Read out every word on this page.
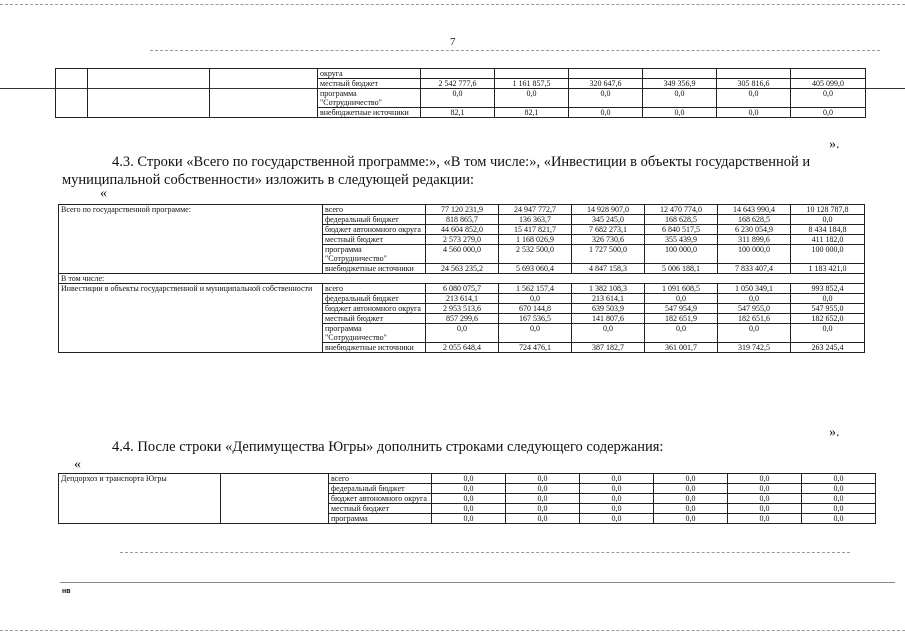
7
			округа						
			местный бюджет	2 542 777,6	1 161 857,5	320 647,6	349 356,9	305 816,6	405 099,0
			программа "Сотрудничество"	0,0	0,0	0,0	0,0	0,0	0,0
			внебюджетные источники	82,1	82,1	0,0	0,0	0,0	0,0
».
4.3. Строки «Всего по государственной программе:», «В том числе:», «Инвестиции в объекты государственной и муниципальной собственности» изложить в следующей редакции:
«
Всего по государственной программе:	всего	77 120 231,9	24 947 772,7	14 928 907,0	12 470 774,0	14 643 990,4	10 128 787,8
	федеральный бюджет	818 865,7	136 363,7	345 245,0	168 628,5	168 628,5	0,0
	бюджет автономного округа	44 604 852,0	15 417 821,7	7 682 273,1	6 840 517,5	6 230 054,9	8 434 184,8
	местный бюджет	2 573 279,0	1 168 026,9	326 730,6	355 439,9	311 899,6	411 182,0
	программа "Сотрудничество"	4 560 000,0	2 532 500,0	1 727 500,0	100 000,0	100 000,0	100 000,0
	внебюджетные источники	24 563 235,2	5 693 060,4	4 847 158,3	5 006 188,1	7 833 407,4	1 183 421,0
В том числе:							
Инвестиции в объекты государственной и муниципальной собственности	всего	6 080 075,7	1 562 157,4	1 382 108,3	1 091 608,5	1 050 349,1	993 852,4
	федеральный бюджет	213 614,1	0,0	213 614,1	0,0	0,0	0,0
	бюджет автономного округа	2 953 513,6	670 144,8	639 503,9	547 954,9	547 955,0	547 955,0
	местный бюджет	857 299,6	167 536,5	141 807,6	182 651,9	182 651,6	182 652,0
	программа "Сотрудничество"	0,0	0,0	0,0	0,0	0,0	0,0
	внебюджетные источники	2 055 648,4	724 476,1	387 182,7	361 001,7	319 742,5	263 245,4
».
4.4. После строки «Депимущества Югры» дополнить строками следующего содержания:
«
Депдорхоз и транспорта Югры		всего	0,0	0,0	0,0	0,0	0,0	0,0
		федеральный бюджет	0,0	0,0	0,0	0,0	0,0	0,0
		бюджет автономного округа	0,0	0,0	0,0	0,0	0,0	0,0
		местный бюджет	0,0	0,0	0,0	0,0	0,0	0,0
		программа	0,0	0,0	0,0	0,0	0,0	0,0
нв
